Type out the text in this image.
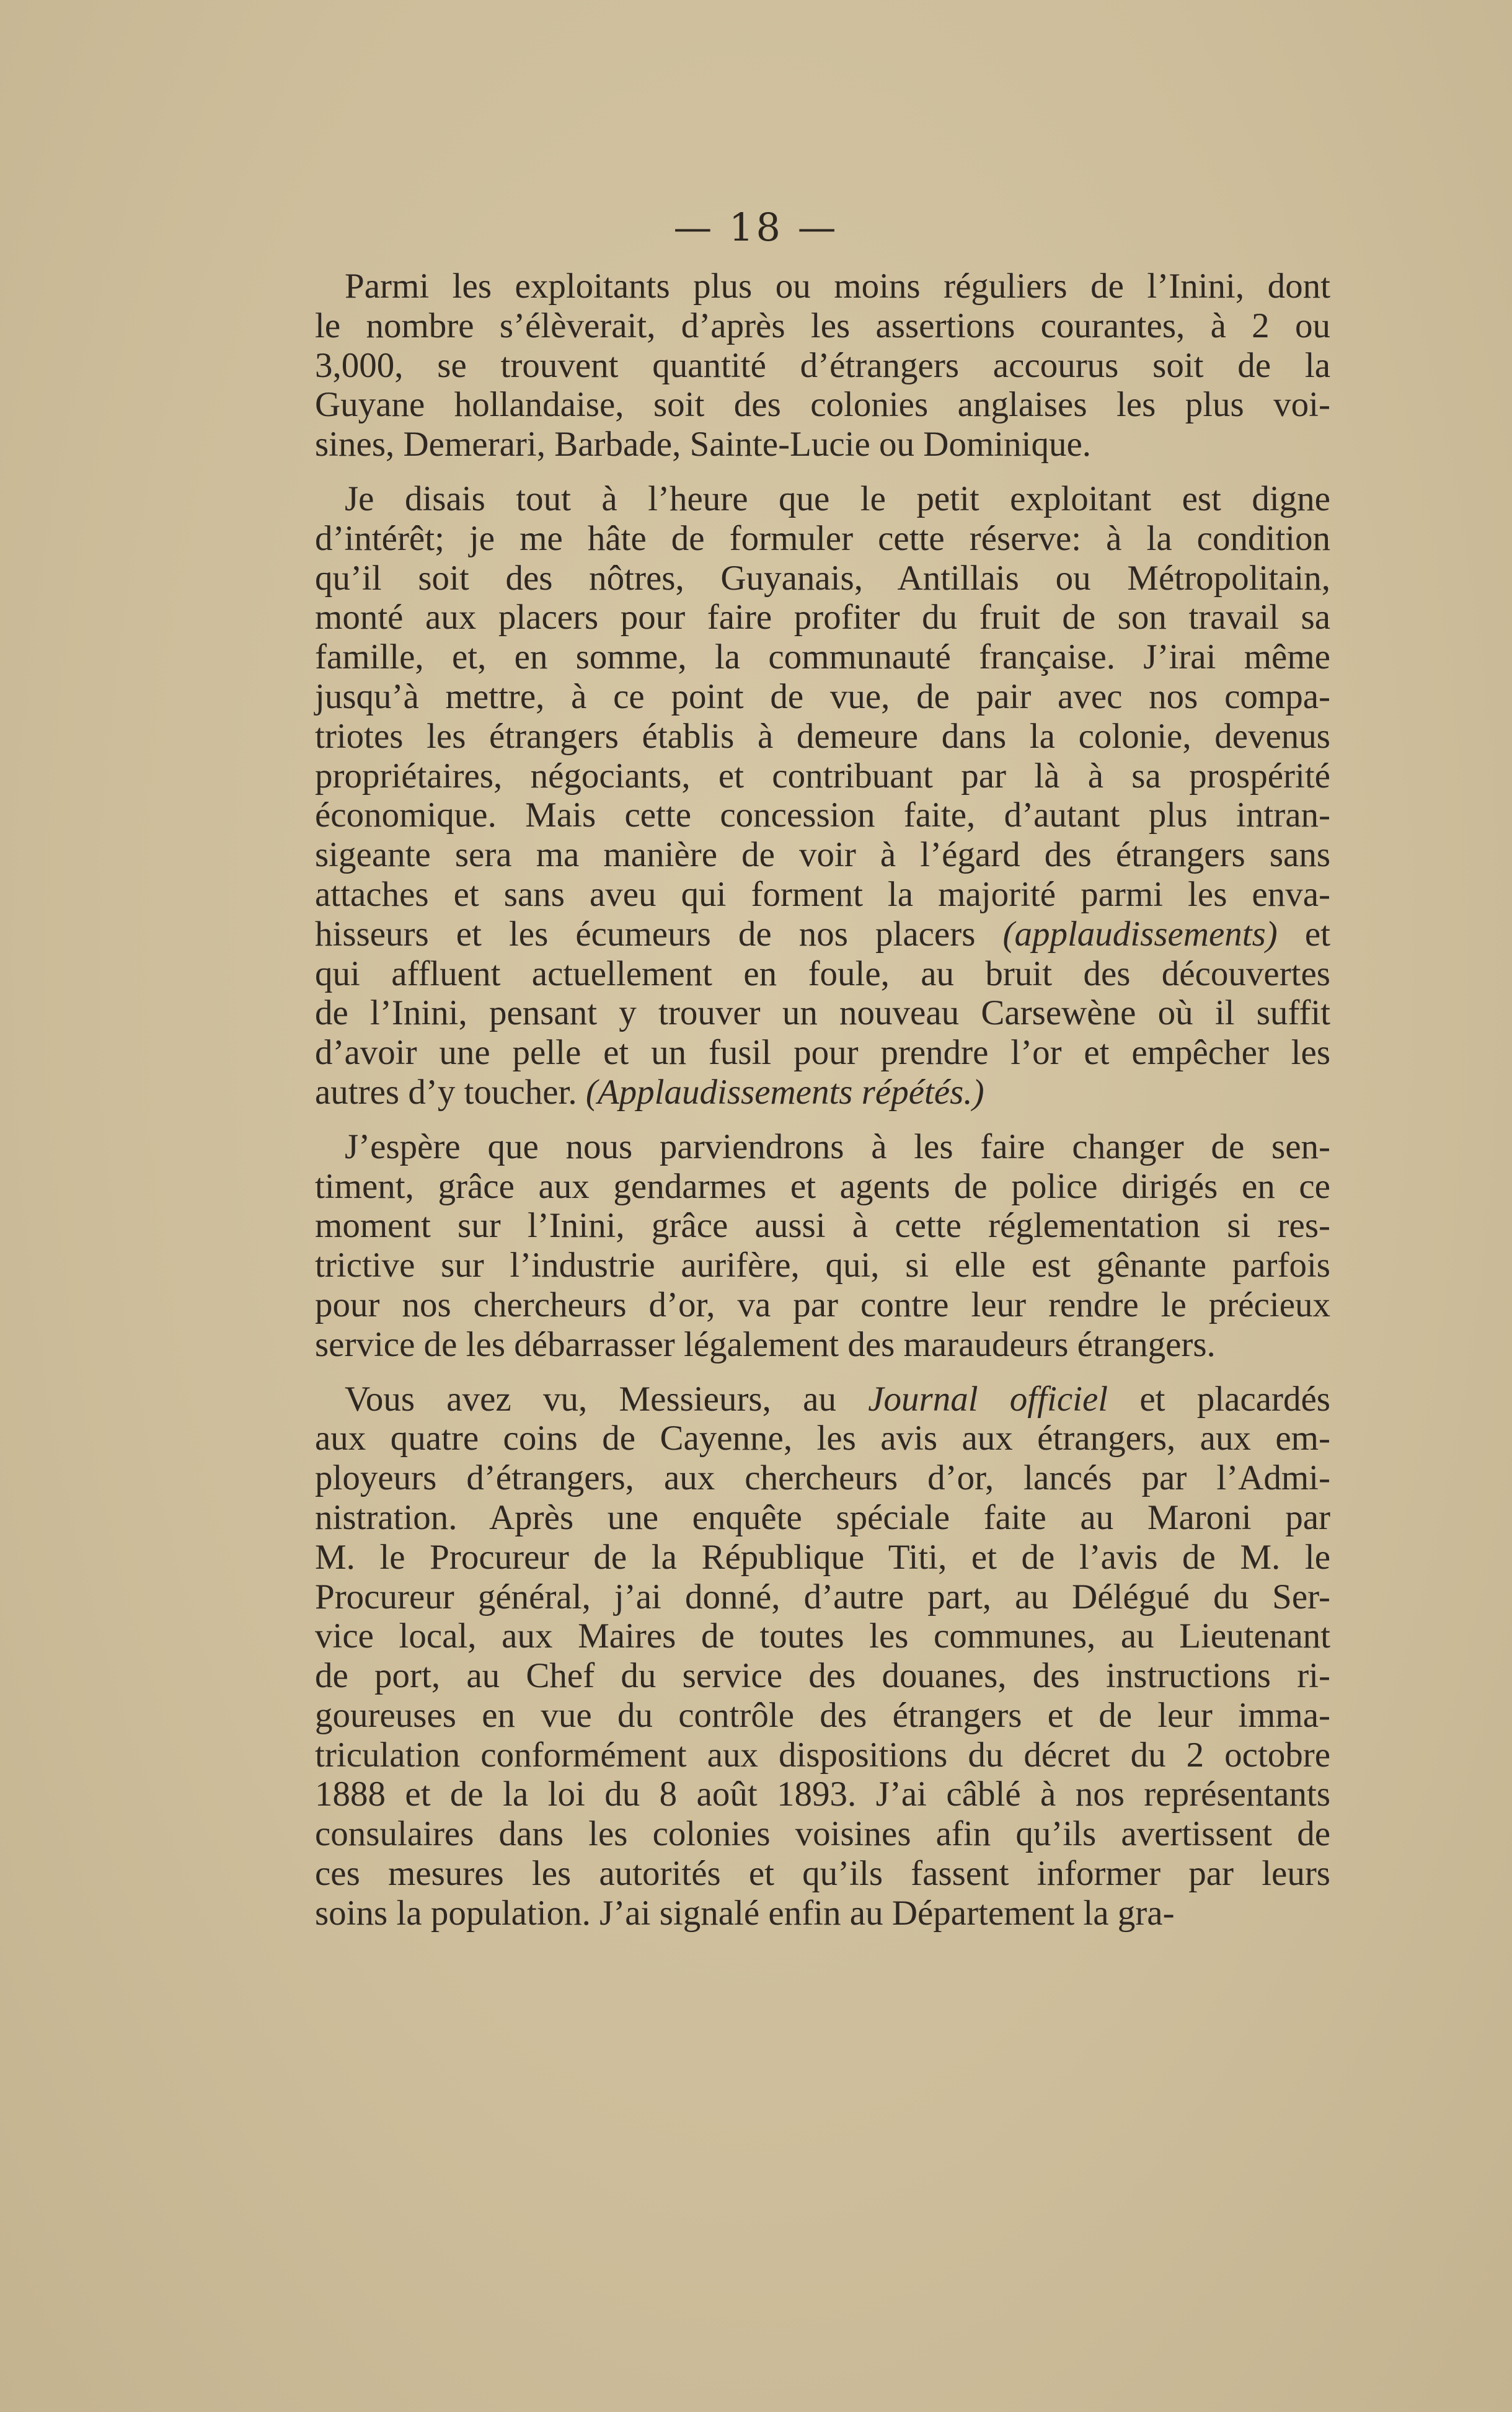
— 18 —
Parmi les exploitants plus ou moins réguliers de l’Inini, dont
le nombre s’élèverait, d’après les assertions courantes, à 2 ou
3,000, se trouvent quantité d’étrangers accourus soit de la
Guyane hollandaise, soit des colonies anglaises les plus voi-
sines, Demerari, Barbade, Sainte-Lucie ou Dominique.
Je disais tout à l’heure que le petit exploitant est digne
d’intérêt; je me hâte de formuler cette réserve: à la condition
qu’il soit des nôtres, Guyanais, Antillais ou Métropolitain,
monté aux placers pour faire profiter du fruit de son travail sa
famille, et, en somme, la communauté française. J’irai même
jusqu’à mettre, à ce point de vue, de pair avec nos compa-
triotes les étrangers établis à demeure dans la colonie, devenus
propriétaires, négociants, et contribuant par là à sa prospérité
économique. Mais cette concession faite, d’autant plus intran-
sigeante sera ma manière de voir à l’égard des étrangers sans
attaches et sans aveu qui forment la majorité parmi les enva-
hisseurs et les écumeurs de nos placers (applaudissements) et
qui affluent actuellement en foule, au bruit des découvertes
de l’Inini, pensant y trouver un nouveau Carsewène où il suffit
d’avoir une pelle et un fusil pour prendre l’or et empêcher les
autres d’y toucher. (Applaudissements répétés.)
J’espère que nous parviendrons à les faire changer de sen-
timent, grâce aux gendarmes et agents de police dirigés en ce
moment sur l’Inini, grâce aussi à cette réglementation si res-
trictive sur l’industrie aurifère, qui, si elle est gênante parfois
pour nos chercheurs d’or, va par contre leur rendre le précieux
service de les débarrasser légalement des maraudeurs étrangers.
Vous avez vu, Messieurs, au Journal officiel et placardés
aux quatre coins de Cayenne, les avis aux étrangers, aux em-
ployeurs d’étrangers, aux chercheurs d’or, lancés par l’Admi-
nistration. Après une enquête spéciale faite au Maroni par
M. le Procureur de la République Titi, et de l’avis de M. le
Procureur général, j’ai donné, d’autre part, au Délégué du Ser-
vice local, aux Maires de toutes les communes, au Lieutenant
de port, au Chef du service des douanes, des instructions ri-
goureuses en vue du contrôle des étrangers et de leur imma-
triculation conformément aux dispositions du décret du 2 octobre
1888 et de la loi du 8 août 1893. J’ai câblé à nos représentants
consulaires dans les colonies voisines afin qu’ils avertissent de
ces mesures les autorités et qu’ils fassent informer par leurs
soins la population. J’ai signalé enfin au Département la gra-
